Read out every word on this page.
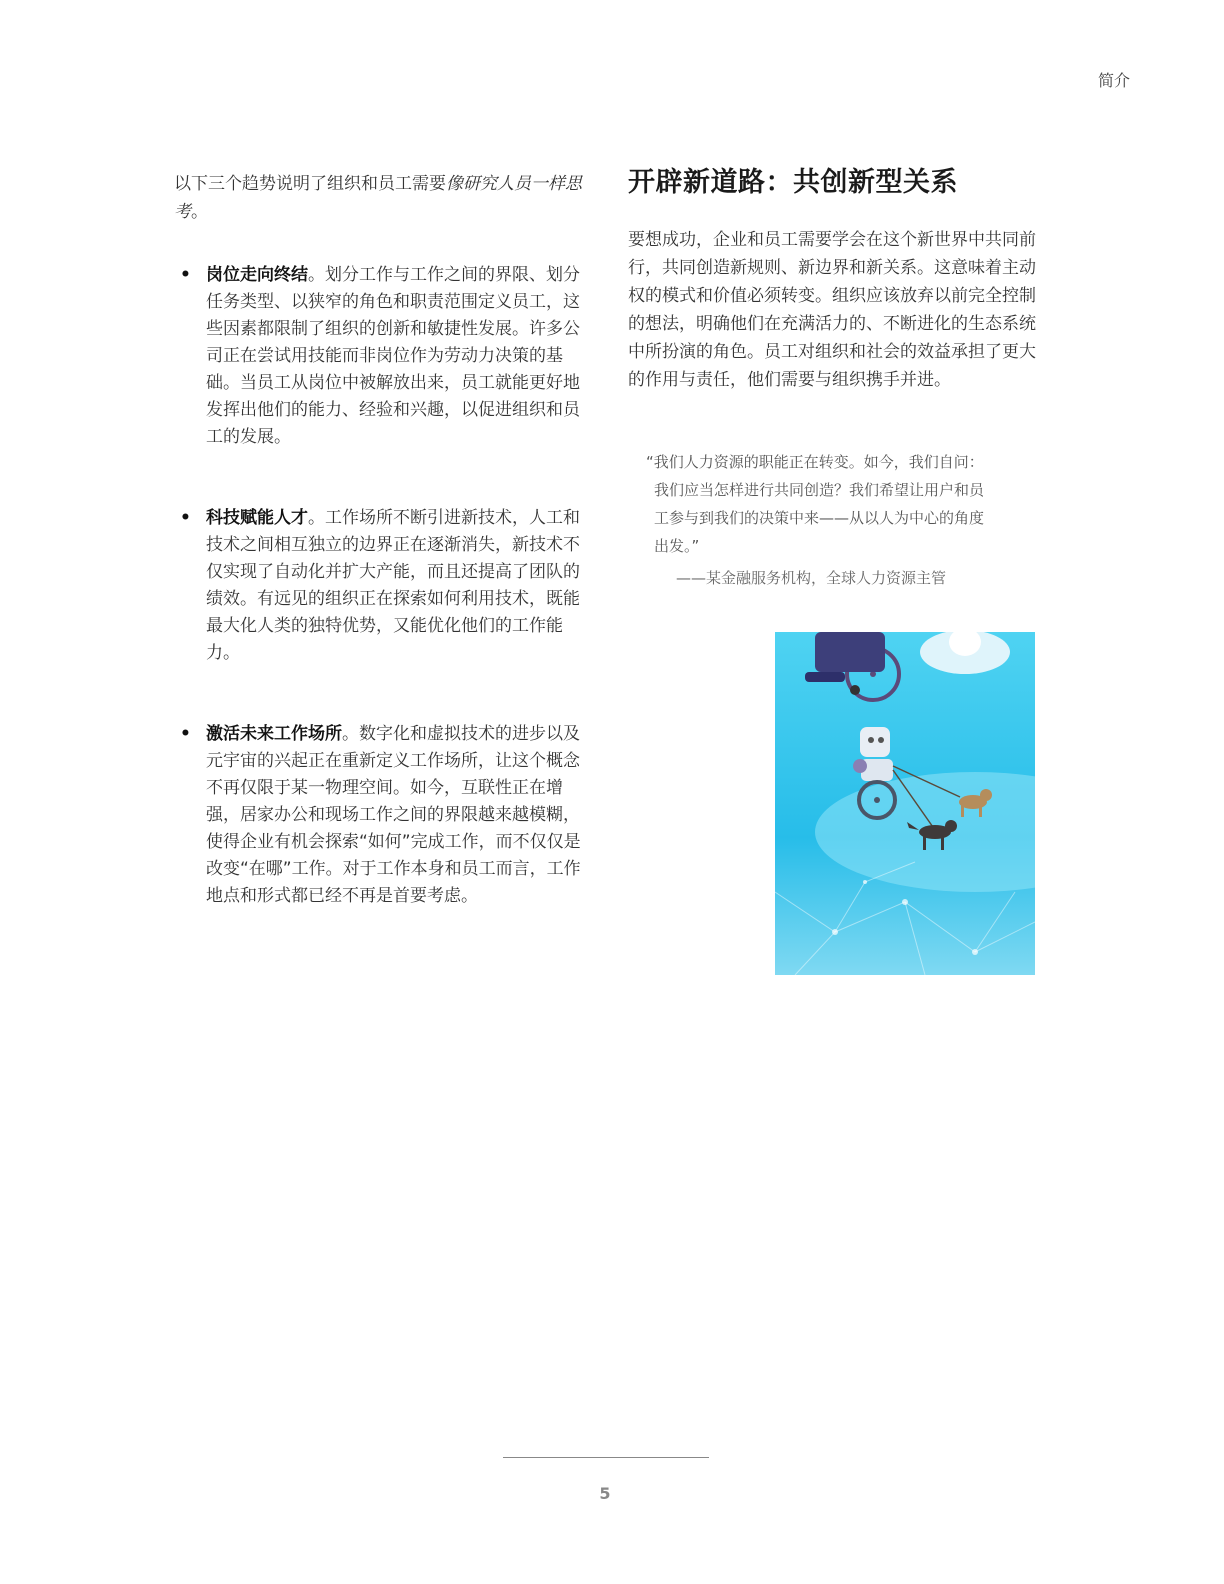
简介

以下三个趋势说明了组织和员工需要像研究人员一样思考。

• 岗位走向终结。划分工作与工作之间的界限、划分任务类型、以狭窄的角色和职责范围定义员工，这些因素都限制了组织的创新和敏捷性发展。许多公司正在尝试用技能而非岗位作为劳动力决策的基础。当员工从岗位中被解放出来，员工就能更好地发挥出他们的能力、经验和兴趣，以促进组织和员工的发展。
• 科技赋能人才。工作场所不断引进新技术，人工和技术之间相互独立的边界正在逐渐消失，新技术不仅实现了自动化并扩大产能，而且还提高了团队的绩效。有远见的组织正在探索如何利用技术，既能最大化人类的独特优势，又能优化他们的工作能力。
• 激活未来工作场所。数字化和虚拟技术的进步以及元宇宙的兴起正在重新定义工作场所，让这个概念不再仅限于某一物理空间。如今，互联性正在增强，居家办公和现场工作之间的界限越来越模糊，使得企业有机会探索“如何”完成工作，而不仅仅是改变“在哪”工作。对于工作本身和员工而言，工作地点和形式都已经不再是首要考虑。
开辟新道路：共创新型关系

要想成功，企业和员工需要学会在这个新世界中共同前行，共同创造新规则、新边界和新关系。这意味着主动权的模式和价值必须转变。组织应该放弃以前完全控制的想法，明确他们在充满活力的、不断进化的生态系统中所扮演的角色。员工对组织和社会的效益承担了更大的作用与责任，他们需要与组织携手并进。

“我们人力资源的职能正在转变。如今，我们自问：我们应当怎样进行共同创造？我们希望让用户和员工参与到我们的决策中来——从以人为中心的角度出发。”

——某金融服务机构，全球人力资源主管

5
